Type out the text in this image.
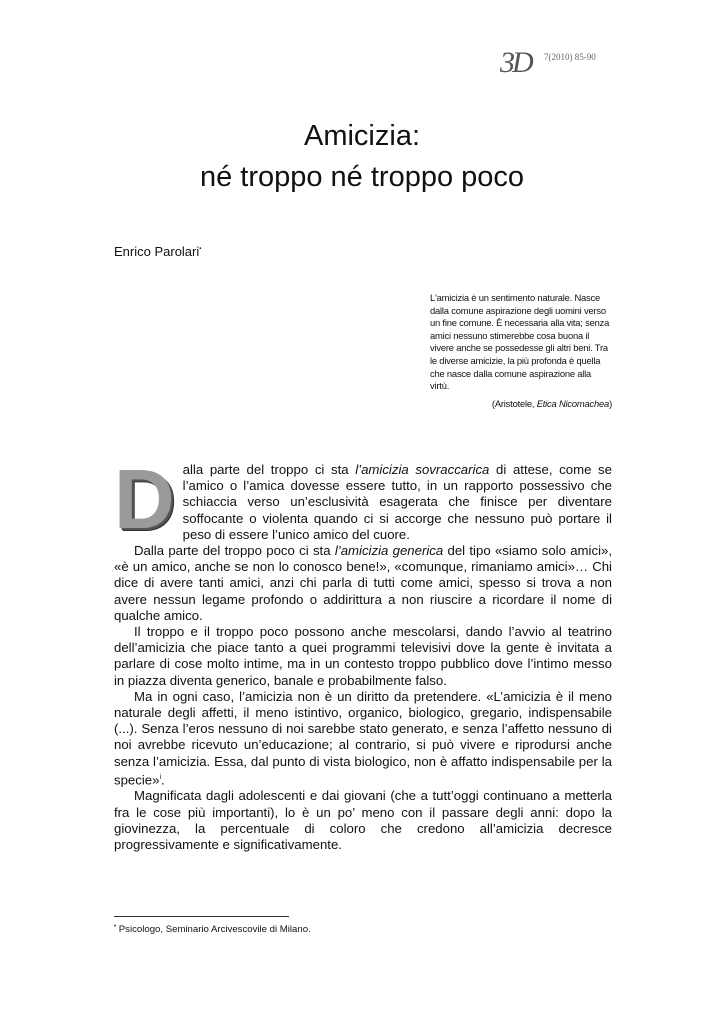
3D 7(2010) 85-90
Amicizia:
né troppo né troppo poco
Enrico Parolari•
L'amicizia è un sentimento naturale. Nasce dalla comune aspirazione degli uomini verso un fine comune. È necessaria alla vita; senza amici nessuno stimerebbe cosa buona il vivere anche se possedesse gli altri beni. Tra le diverse amicizie, la più profonda è quella che nasce dalla comune aspirazione alla virtù.
(Aristotele, Etica Nicomachea)

Dalla parte del troppo ci sta l’amicizia sovraccarica di attese, come se l’amico o l’amica dovesse essere tutto, in un rapporto possessivo che schiaccia verso un’esclusività esagerata che finisce per diventare soffocante o violenta quando ci si accorge che nessuno può portare il peso di essere l’unico amico del cuore.

Dalla parte del troppo poco ci sta l’amicizia generica del tipo «siamo solo amici», «è un amico, anche se non lo conosco bene!», «comunque, rimaniamo amici»… Chi dice di avere tanti amici, anzi chi parla di tutti come amici, spesso si trova a non avere nessun legame profondo o addirittura a non riuscire a ricordare il nome di qualche amico.

Il troppo e il troppo poco possono anche mescolarsi, dando l’avvio al teatrino dell’amicizia che piace tanto a quei programmi televisivi dove la gente è invitata a parlare di cose molto intime, ma in un contesto troppo pubblico dove l’intimo messo in piazza diventa generico, banale e probabilmente falso.

Ma in ogni caso, l’amicizia non è un diritto da pretendere. «L’amicizia è il meno naturale degli affetti, il meno istintivo, organico, biologico, gregario, indispensabile (...). Senza l’eros nessuno di noi sarebbe stato generato, e senza l’affetto nessuno di noi avrebbe ricevuto un’educazione; al contrario, si può vivere e riprodursi anche senza l’amicizia. Essa, dal punto di vista biologico, non è affatto indispensabile per la specie»$^i$.

Magnificata dagli adolescenti e dai giovani (che a tutt’oggi continuano a metterla fra le cose più importanti), lo è un po’ meno con il passare degli anni: dopo la giovinezza, la percentuale di coloro che credono all’amicizia decresce progressivamente e significativamente.

• Psicologo, Seminario Arcivescovile di Milano.
